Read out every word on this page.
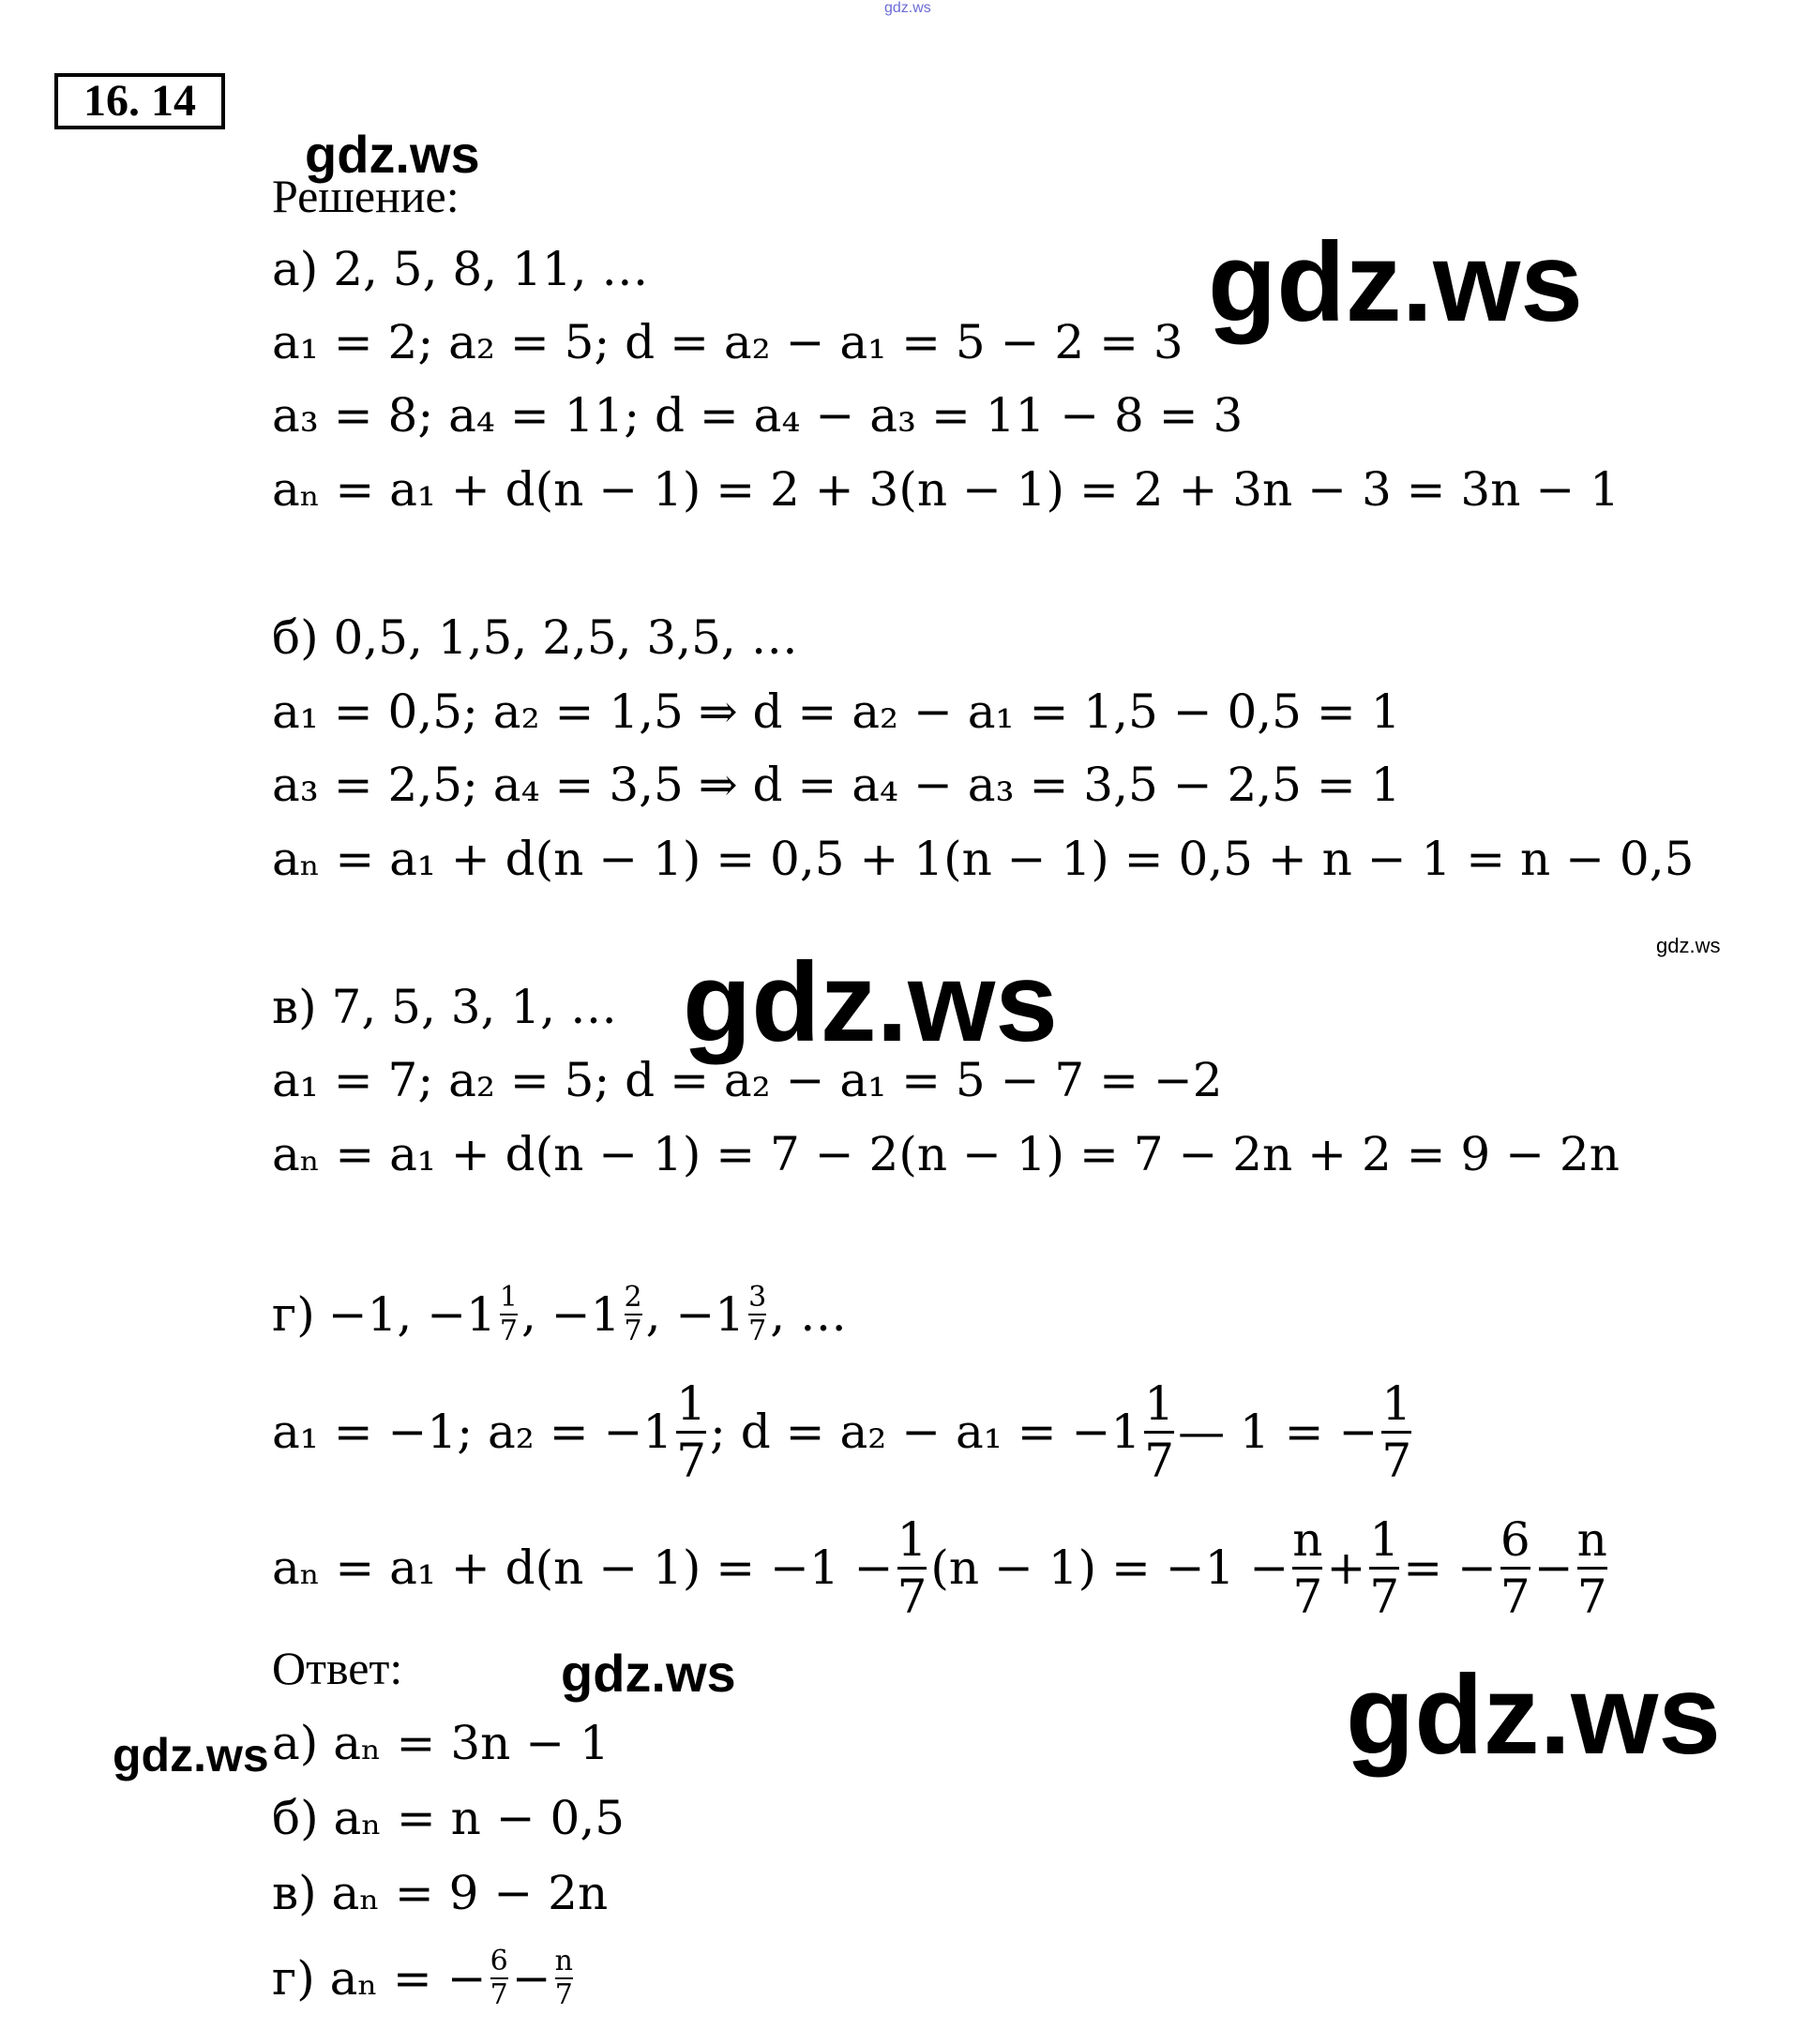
gdz.ws
16. 14
gdz.ws
Решение:
gdz.ws
а) 2, 5, 8, 11, …
a₁ = 2; a₂ = 5; d = a₂ − a₁ = 5 − 2 = 3
a₃ = 8; a₄ = 11; d = a₄ − a₃ = 11 − 8 = 3
aₙ = a₁ + d(n − 1) = 2 + 3(n − 1) = 2 + 3n − 3 = 3n − 1
б) 0,5, 1,5, 2,5, 3,5, …
a₁ = 0,5; a₂ = 1,5 ⇒ d = a₂ − a₁ = 1,5 − 0,5 = 1
a₃ = 2,5; a₄ = 3,5 ⇒ d = a₄ − a₃ = 3,5 − 2,5 = 1
aₙ = a₁ + d(n − 1) = 0,5 + 1(n − 1) = 0,5 + n − 1 = n − 0,5
gdz.ws
gdz.ws
в) 7, 5, 3, 1, …
a₁ = 7; a₂ = 5; d = a₂ − a₁ = 5 − 7 = −2
aₙ = a₁ + d(n − 1) = 7 − 2(n − 1) = 7 − 2n + 2 = 9 − 2n
г) −1, $-1 \frac{1}{7}$ , $-1 \frac{2}{7}$ , $-1 \frac{3}{7}$ , …
a₁ = −1; $a_2 = -1 \frac{1}{7}$ ; $d = a_2 - a_1 = -1 \frac{1}{7}$ — 1 = − $\frac{1}{7}$
$a_n = a_1 + d(n - 1) = -1 - \frac{1}{7} (n - 1) = -1 - \frac{n}{7} + \frac{1}{7}$ = − $\frac{6}{7} - \frac{n}{7}$
Ответ:	gdz.ws	gdz.ws
gdz.ws а) aₙ = 3n − 1
б) aₙ = n − 0,5
в) aₙ = 9 − 2n
г) aₙ = − $\frac{6}{7} - \frac{n}{7}$
gdz.ws
